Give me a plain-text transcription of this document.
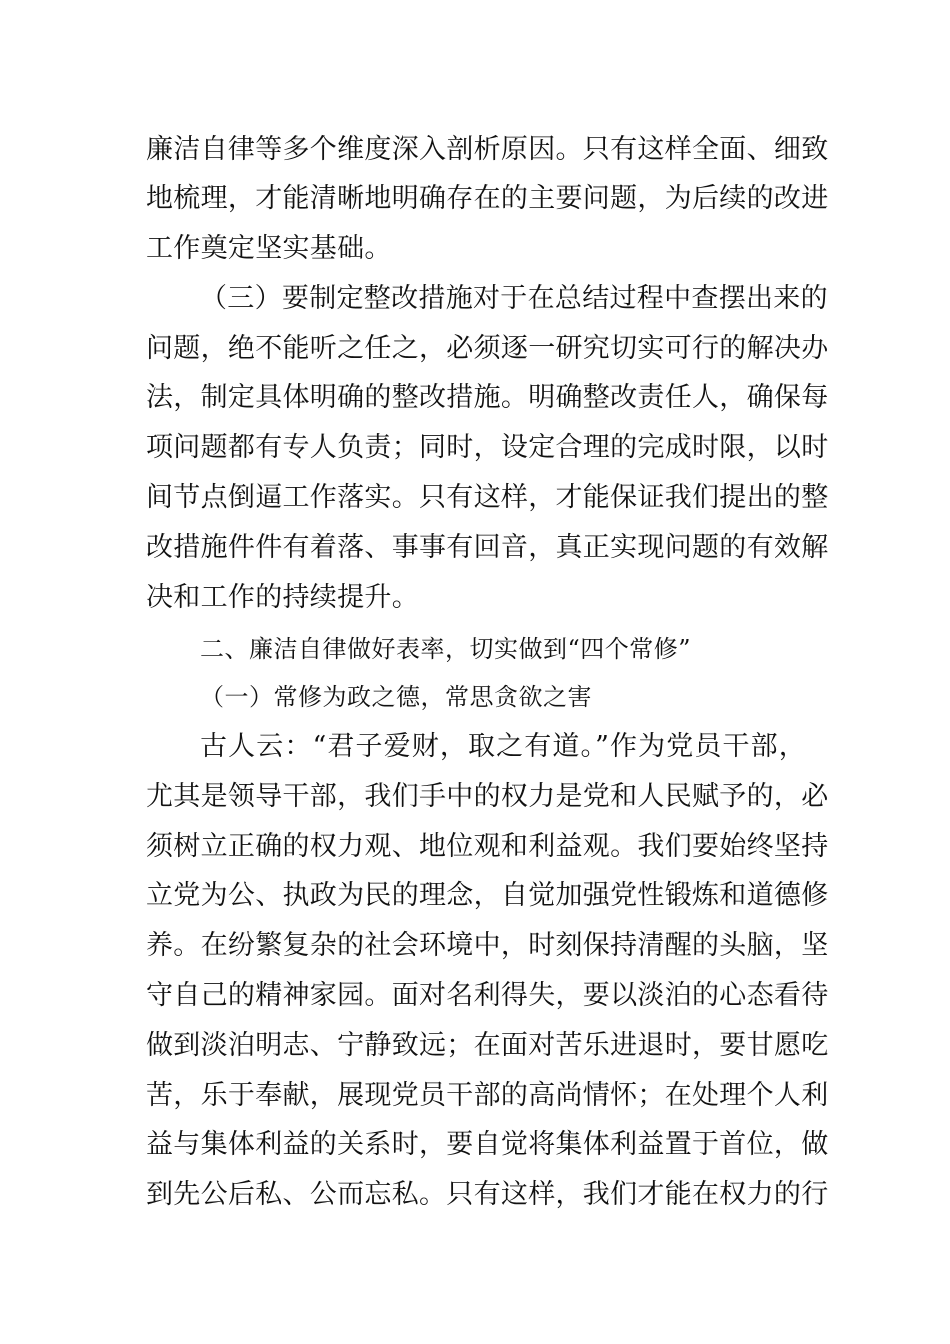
廉洁自律等多个维度深入剖析原因。只有这样全面、细致
地梳理，才能清晰地明确存在的主要问题，为后续的改进
工作奠定坚实基础。
（三）要制定整改措施对于在总结过程中查摆出来的
问题，绝不能听之任之，必须逐一研究切实可行的解决办
法，制定具体明确的整改措施。明确整改责任人，确保每
项问题都有专人负责；同时，设定合理的完成时限，以时
间节点倒逼工作落实。只有这样，才能保证我们提出的整
改措施件件有着落、事事有回音，真正实现问题的有效解
决和工作的持续提升。
二、廉洁自律做好表率，切实做到“四个常修”
（一）常修为政之德，常思贪欲之害
古人云：“君子爱财，取之有道。”作为党员干部，
尤其是领导干部，我们手中的权力是党和人民赋予的，必
须树立正确的权力观、地位观和利益观。我们要始终坚持
立党为公、执政为民的理念，自觉加强党性锻炼和道德修
养。在纷繁复杂的社会环境中，时刻保持清醒的头脑，坚
守自己的精神家园。面对名利得失，要以淡泊的心态看待
做到淡泊明志、宁静致远；在面对苦乐进退时，要甘愿吃
苦，乐于奉献，展现党员干部的高尚情怀；在处理个人利
益与集体利益的关系时，要自觉将集体利益置于首位，做
到先公后私、公而忘私。只有这样，我们才能在权力的行
